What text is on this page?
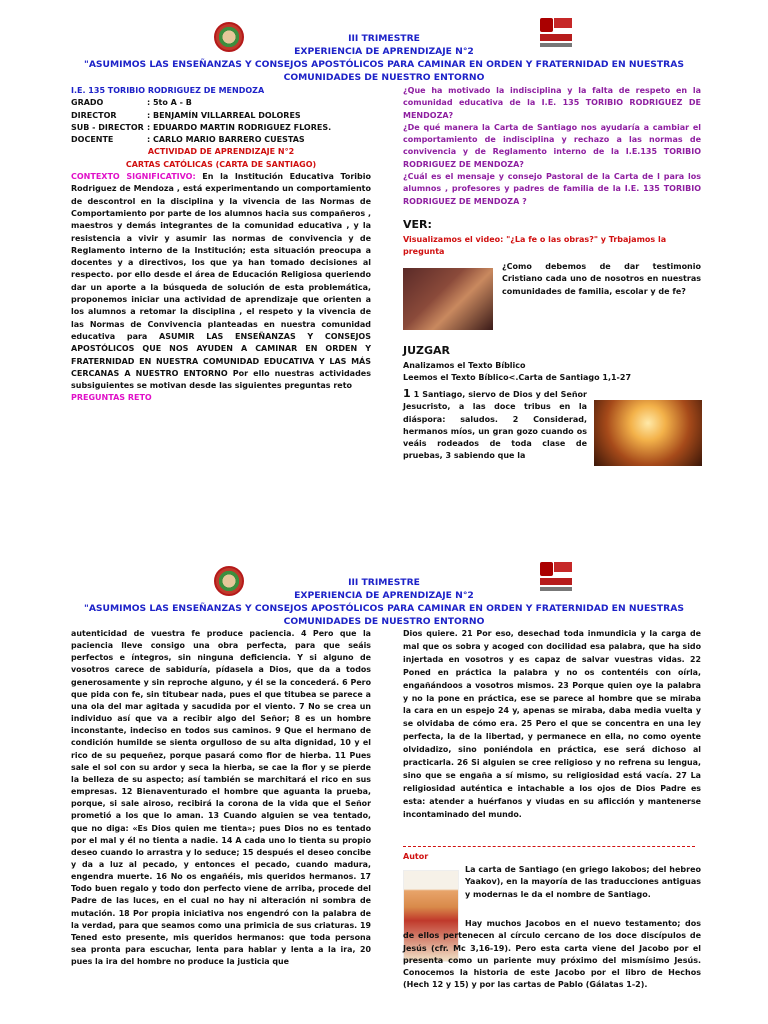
III TRIMESTRE
EXPERIENCIA DE APRENDIZAJE N°2
"ASUMIMOS LAS ENSEÑANZAS Y CONSEJOS APOSTÓLICOS PARA CAMINAR EN ORDEN Y FRATERNIDAD EN NUESTRAS
COMUNIDADES DE NUESTRO ENTORNO

I.E. 135 TORIBIO RODRIGUEZ DE MENDOZA

GRADO	: 5to A - B

DIRECTOR	: BENJAMÍN VILLARREAL DOLORES

SUB - DIRECTOR : EDUARDO MARTIN RODRIGUEZ FLORES.

DOCENTE	: CARLO MARIO BARRERO CUESTAS

ACTIVIDAD DE APRENDIZAJE N°2

CARTAS CATÓLICAS (CARTA DE SANTIAGO)

CONTEXTO SIGNIFICATIVO: En la Institución Educativa Toribio Rodriguez de Mendoza , está experimentando un comportamiento de descontrol en la disciplina y la vivencia de las Normas de Comportamiento por parte de los alumnos hacia sus compañeros , maestros y demás integrantes de la comunidad educativa , y la resistencia a vivir y asumir las normas de convivencia y de Reglamento interno de la Institución; esta situación preocupa a docentes y a directivos, los que ya han tomado decisiones al respecto. por ello desde el área de Educación Religiosa queriendo dar un aporte a la búsqueda de solución de esta problemática, proponemos iniciar una actividad de aprendizaje que orienten a los alumnos a retomar la disciplina , el respeto y la vivencia de las Normas de Convivencia planteadas en nuestra comunidad educativa para ASUMIR LAS ENSEÑANZAS Y CONSEJOS APOSTÓLICOS QUE NOS AYUDEN A CAMINAR EN ORDEN Y FRATERNIDAD EN NUESTRA COMUNIDAD EDUCATIVA Y LAS MÁS CERCANAS A NUESTRO ENTORNO Por ello nuestras actividades subsiguientes se motivan desde las siguientes preguntas reto

PREGUNTAS RETO

¿Que ha motivado la indisciplina y la falta de respeto en la comunidad educativa de la I.E. 135 TORIBIO RODRIGUEZ DE MENDOZA?

¿De qué manera la Carta de Santiago nos ayudaría a cambiar el comportamiento de indisciplina y rechazo a las normas de convivencia y de Reglamento interno de la I.E.135 TORIBIO RODRIGUEZ DE MENDOZA?

¿Cuál es el mensaje y consejo Pastoral de la Carta de l para los alumnos , profesores y padres de familia de la I.E. 135 TORIBIO RODRIGUEZ DE MENDOZA ?

VER:
Visualizamos el video: "¿La fe o las obras?" y Trbajamos la pregunta
¿Como debemos de dar testimonio Cristiano cada uno de nosotros en nuestras comunidades de familia, escolar y de fe?
JUZGAR

Analizamos el Texto Bíblico

Leemos el Texto Bíblico<.Carta de Santiago 1,1-27

1 1 Santiago, siervo de Dios y del Señor Jesucristo, a las doce tribus en la diáspora: saludos. 2 Considerad, hermanos míos, un gran gozo cuando os veáis rodeados de toda clase de pruebas, 3 sabiendo que la
III TRIMESTRE
EXPERIENCIA DE APRENDIZAJE N°2
"ASUMIMOS LAS ENSEÑANZAS Y CONSEJOS APOSTÓLICOS PARA CAMINAR EN ORDEN Y FRATERNIDAD EN NUESTRAS
COMUNIDADES DE NUESTRO ENTORNO
autenticidad de vuestra fe produce paciencia. 4 Pero que la paciencia lleve consigo una obra perfecta, para que seáis perfectos e íntegros, sin ninguna deficiencia. Y si alguno de vosotros carece de sabiduría, pídasela a Dios, que da a todos generosamente y sin reproche alguno, y él se la concederá. 6 Pero que pida con fe, sin titubear nada, pues el que titubea se parece a una ola del mar agitada y sacudida por el viento. 7 No se crea un individuo así que va a recibir algo del Señor; 8 es un hombre inconstante, indeciso en todos sus caminos. 9 Que el hermano de condición humilde se sienta orgulloso de su alta dignidad, 10 y el rico de su pequeñez, porque pasará como flor de hierba. 11 Pues sale el sol con su ardor y seca la hierba, se cae la flor y se pierde la belleza de su aspecto; así también se marchitará el rico en sus empresas. 12 Bienaventurado el hombre que aguanta la prueba, porque, si sale airoso, recibirá la corona de la vida que el Señor prometió a los que lo aman. 13 Cuando alguien se vea tentado, que no diga: «Es Dios quien me tienta»; pues Dios no es tentado por el mal y él no tienta a nadie. 14 A cada uno lo tienta su propio deseo cuando lo arrastra y lo seduce; 15 después el deseo concibe y da a luz al pecado, y entonces el pecado, cuando madura, engendra muerte. 16 No os engañéis, mis queridos hermanos. 17 Todo buen regalo y todo don perfecto viene de arriba, procede del Padre de las luces, en el cual no hay ni alteración ni sombra de mutación. 18 Por propia iniciativa nos engendró con la palabra de la verdad, para que seamos como una primicia de sus criaturas. 19 Tened esto presente, mis queridos hermanos: que toda persona sea pronta para escuchar, lenta para hablar y lenta a la ira, 20 pues la ira del hombre no produce la justicia que
Dios quiere. 21 Por eso, desechad toda inmundicia y la carga de mal que os sobra y acoged con docilidad esa palabra, que ha sido injertada en vosotros y es capaz de salvar vuestras vidas. 22 Poned en práctica la palabra y no os contentéis con oírla, engañándoos a vosotros mismos. 23 Porque quien oye la palabra y no la pone en práctica, ese se parece al hombre que se miraba la cara en un espejo 24 y, apenas se miraba, daba media vuelta y se olvidaba de cómo era. 25 Pero el que se concentra en una ley perfecta, la de la libertad, y permanece en ella, no como oyente olvidadizo, sino poniéndola en práctica, ese será dichoso al practicarla. 26 Si alguien se cree religioso y no refrena su lengua, sino que se engaña a sí mismo, su religiosidad está vacía. 27 La religiosidad auténtica e intachable a los ojos de Dios Padre es esta: atender a huérfanos y viudas en su aflicción y mantenerse incontaminado del mundo.
Autor
La carta de Santiago (en griego Iakobos; del hebreo Yaakov), en la mayoría de las traducciones antiguas y modernas le da el nombre de Santiago.
Hay muchos Jacobos en el nuevo testamento; dos de ellos pertenecen al círculo cercano de los doce discípulos de Jesús (cfr. Mc 3,16-19). Pero esta carta viene del Jacobo por el presenta como un pariente muy próximo del mismísimo Jesús. Conocemos la historia de este Jacobo por el libro de Hechos (Hech 12 y 15) y por las cartas de Pablo (Gálatas 1-2).
